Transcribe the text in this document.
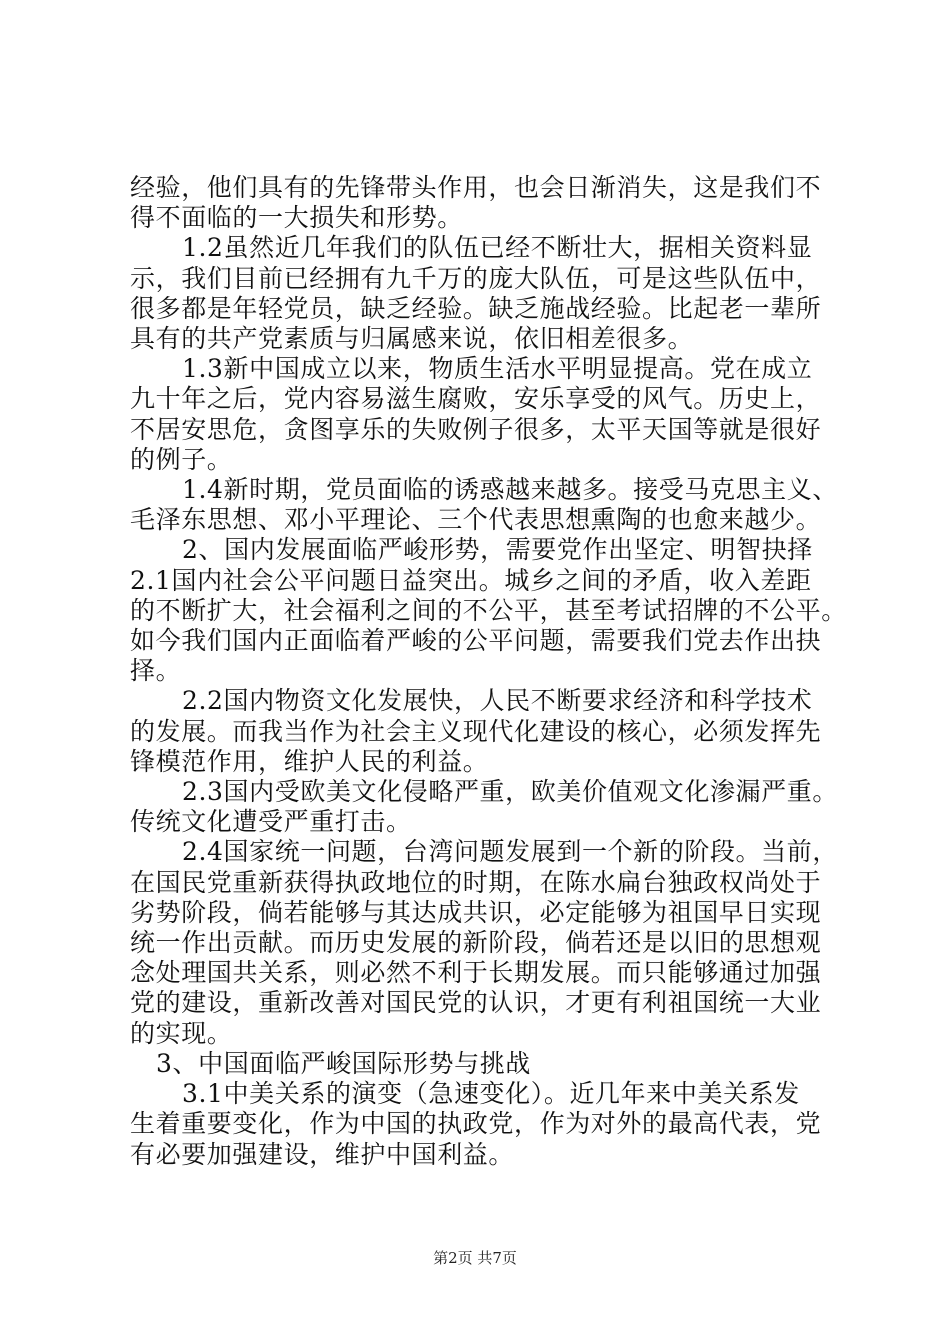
经验，他们具有的先锋带头作用，也会日渐消失，这是我们不
得不面临的一大损失和形势。
1.2虽然近几年我们的队伍已经不断壮大，据相关资料显
示，我们目前已经拥有九千万的庞大队伍，可是这些队伍中，
很多都是年轻党员，缺乏经验。缺乏施战经验。比起老一辈所
具有的共产党素质与归属感来说，依旧相差很多。
1.3新中国成立以来，物质生活水平明显提高。党在成立
九十年之后，党内容易滋生腐败，安乐享受的风气。历史上，
不居安思危，贪图享乐的失败例子很多，太平天国等就是很好
的例子。
1.4新时期，党员面临的诱惑越来越多。接受马克思主义、
毛泽东思想、邓小平理论、三个代表思想熏陶的也愈来越少。
2、国内发展面临严峻形势，需要党作出坚定、明智抉择
2.1国内社会公平问题日益突出。城乡之间的矛盾，收入差距
的不断扩大，社会福利之间的不公平，甚至考试招牌的不公平。
如今我们国内正面临着严峻的公平问题，需要我们党去作出抉
择。
2.2国内物资文化发展快，人民不断要求经济和科学技术
的发展。而我当作为社会主义现代化建设的核心，必须发挥先
锋模范作用，维护人民的利益。
2.3国内受欧美文化侵略严重，欧美价值观文化渗漏严重。
传统文化遭受严重打击。
2.4国家统一问题，台湾问题发展到一个新的阶段。当前，
在国民党重新获得执政地位的时期，在陈水扁台独政权尚处于
劣势阶段，倘若能够与其达成共识，必定能够为祖国早日实现
统一作出贡献。而历史发展的新阶段，倘若还是以旧的思想观
念处理国共关系，则必然不利于长期发展。而只能够通过加强
党的建设，重新改善对国民党的认识，才更有利祖国统一大业
的实现。
3、中国面临严峻国际形势与挑战
3.1中美关系的演变（急速变化）。近几年来中美关系发
生着重要变化，作为中国的执政党，作为对外的最高代表，党
有必要加强建设，维护中国利益。
第2页 共7页
